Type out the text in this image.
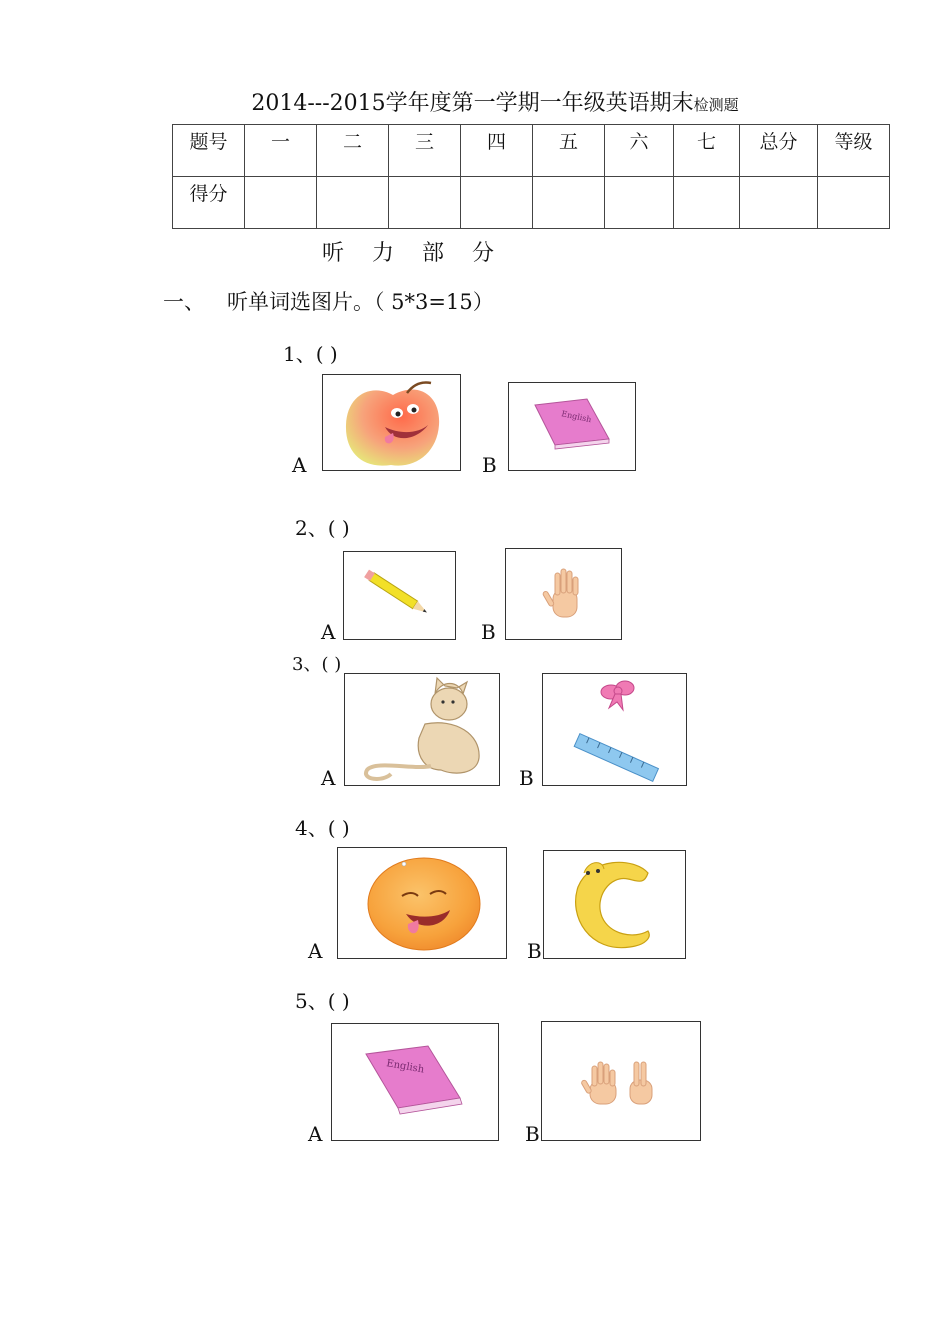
2014---2015学年度第一学期一年级英语期末检测题
题号	一	二	三	四	五	六	七	总分	等级
得分									
听力部分
一、 听单词选图片。（ 5*3=15）
1、( )
A	B
English
2、( )
A	B
3、( )
A	B
4、( )
A	B
5、( )
A
English
B
